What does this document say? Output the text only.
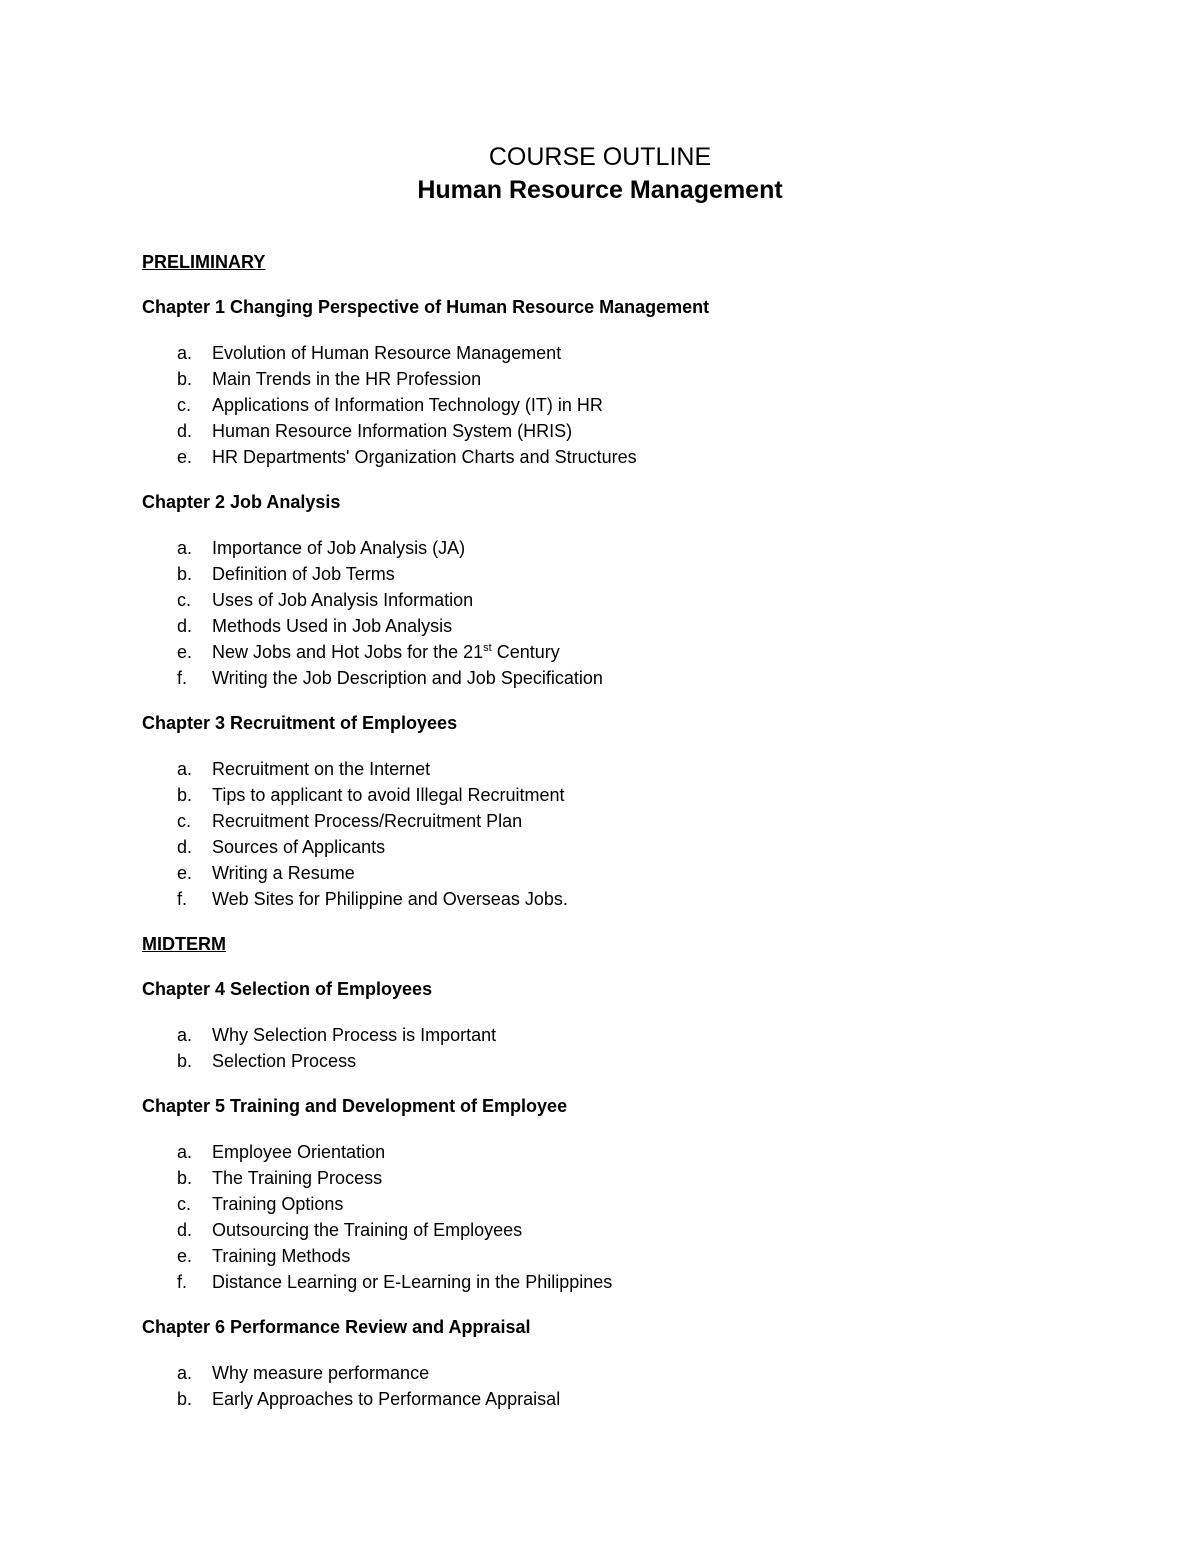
COURSE OUTLINE
Human Resource Management
PRELIMINARY
Chapter 1 Changing Perspective of Human Resource Management
a.	Evolution of Human Resource Management
b.	Main Trends in the HR Profession
c.	Applications of Information Technology (IT) in HR
d.	Human Resource Information System (HRIS)
e.	HR Departments' Organization Charts and Structures
Chapter 2 Job Analysis
a.	Importance of Job Analysis (JA)
b.	Definition of Job Terms
c.	Uses of Job Analysis Information
d.	Methods Used in Job Analysis
e.	New Jobs and Hot Jobs for the 21st Century
f.	Writing the Job Description and Job Specification
Chapter 3 Recruitment of Employees
a.	Recruitment on the Internet
b.	Tips to applicant to avoid Illegal Recruitment
c.	Recruitment Process/Recruitment Plan
d.	Sources of Applicants
e.	Writing a Resume
f.	Web Sites for Philippine and Overseas Jobs.
MIDTERM
Chapter 4 Selection of Employees
a.	Why Selection Process is Important
b.	Selection Process
Chapter 5 Training and Development of Employee
a.	Employee Orientation
b.	The Training Process
c.	Training Options
d.	Outsourcing the Training of Employees
e.	Training Methods
f.	Distance Learning or E-Learning in the Philippines
Chapter 6 Performance Review and Appraisal
a.	Why measure performance
b.	Early Approaches to Performance Appraisal
